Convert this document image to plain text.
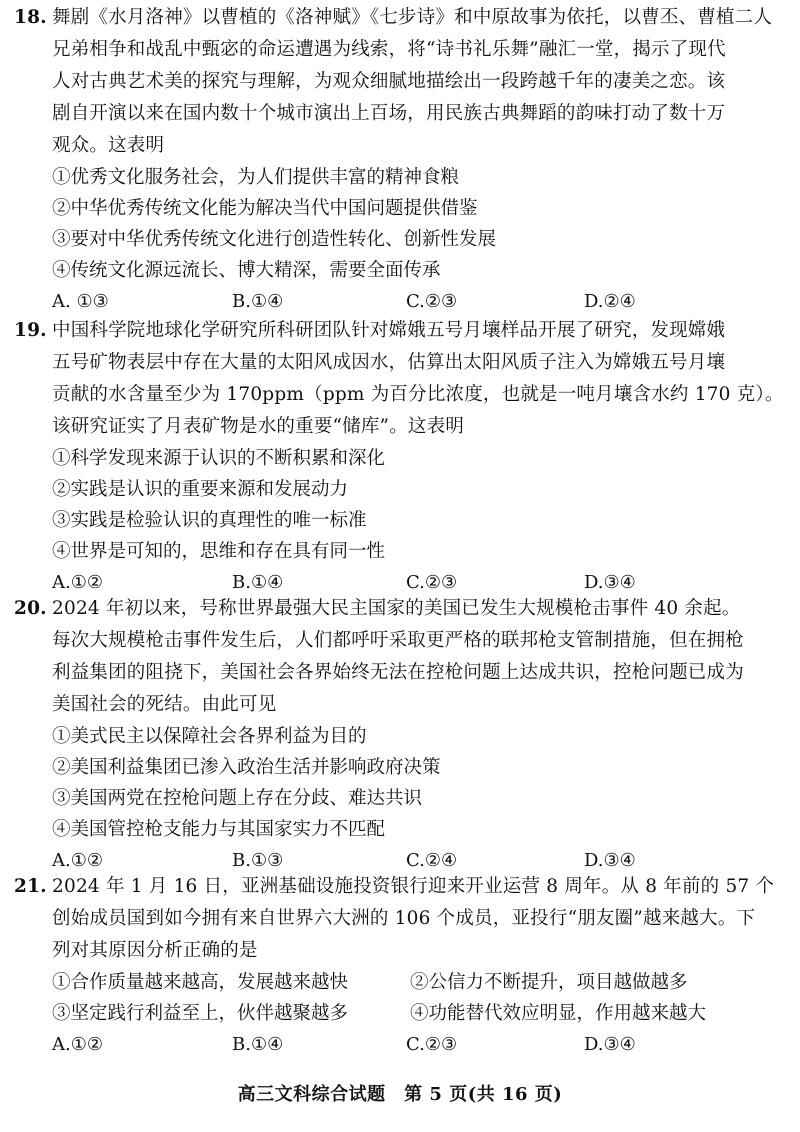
18. 舞剧《水月洛神》以曹植的《洛神赋》《七步诗》和中原故事为依托，以曹丕、曹植二人
兄弟相争和战乱中甄宓的命运遭遇为线索，将“诗书礼乐舞”融汇一堂，揭示了现代
人对古典艺术美的探究与理解，为观众细腻地描绘出一段跨越千年的凄美之恋。该
剧自开演以来在国内数十个城市演出上百场，用民族古典舞蹈的韵味打动了数十万
观众。这表明
①优秀文化服务社会，为人们提供丰富的精神食粮
②中华优秀传统文化能为解决当代中国问题提供借鉴
③要对中华优秀传统文化进行创造性转化、创新性发展
④传统文化源远流长、博大精深，需要全面传承
A. ①③	B.①④	C.②③	D.②④
19. 中国科学院地球化学研究所科研团队针对嫦娥五号月壤样品开展了研究，发现嫦娥
五号矿物表层中存在大量的太阳风成因水，估算出太阳风质子注入为嫦娥五号月壤
贡献的水含量至少为 170ppm（ppm 为百分比浓度，也就是一吨月壤含水约 170 克）。
该研究证实了月表矿物是水的重要“储库”。这表明
①科学发现来源于认识的不断积累和深化
②实践是认识的重要来源和发展动力
③实践是检验认识的真理性的唯一标准
④世界是可知的，思维和存在具有同一性
A.①②	B.①④	C.②③	D.③④
20. 2024 年初以来，号称世界最强大民主国家的美国已发生大规模枪击事件 40 余起。
每次大规模枪击事件发生后，人们都呼吁采取更严格的联邦枪支管制措施，但在拥枪
利益集团的阻挠下，美国社会各界始终无法在控枪问题上达成共识，控枪问题已成为
美国社会的死结。由此可见
①美式民主以保障社会各界利益为目的
②美国利益集团已渗入政治生活并影响政府决策
③美国两党在控枪问题上存在分歧、难达共识
④美国管控枪支能力与其国家实力不匹配
A.①②	B.①③	C.②④	D.③④
21. 2024 年 1 月 16 日，亚洲基础设施投资银行迎来开业运营 8 周年。从 8 年前的 57 个
创始成员国到如今拥有来自世界六大洲的 106 个成员，亚投行“朋友圈”越来越大。下
列对其原因分析正确的是
①合作质量越来越高，发展越来越快	②公信力不断提升，项目越做越多
③坚定践行利益至上，伙伴越聚越多	④功能替代效应明显，作用越来越大
A.①②	B.①④	C.②③	D.③④
高三文科综合试题　第 5 页(共 16 页)
